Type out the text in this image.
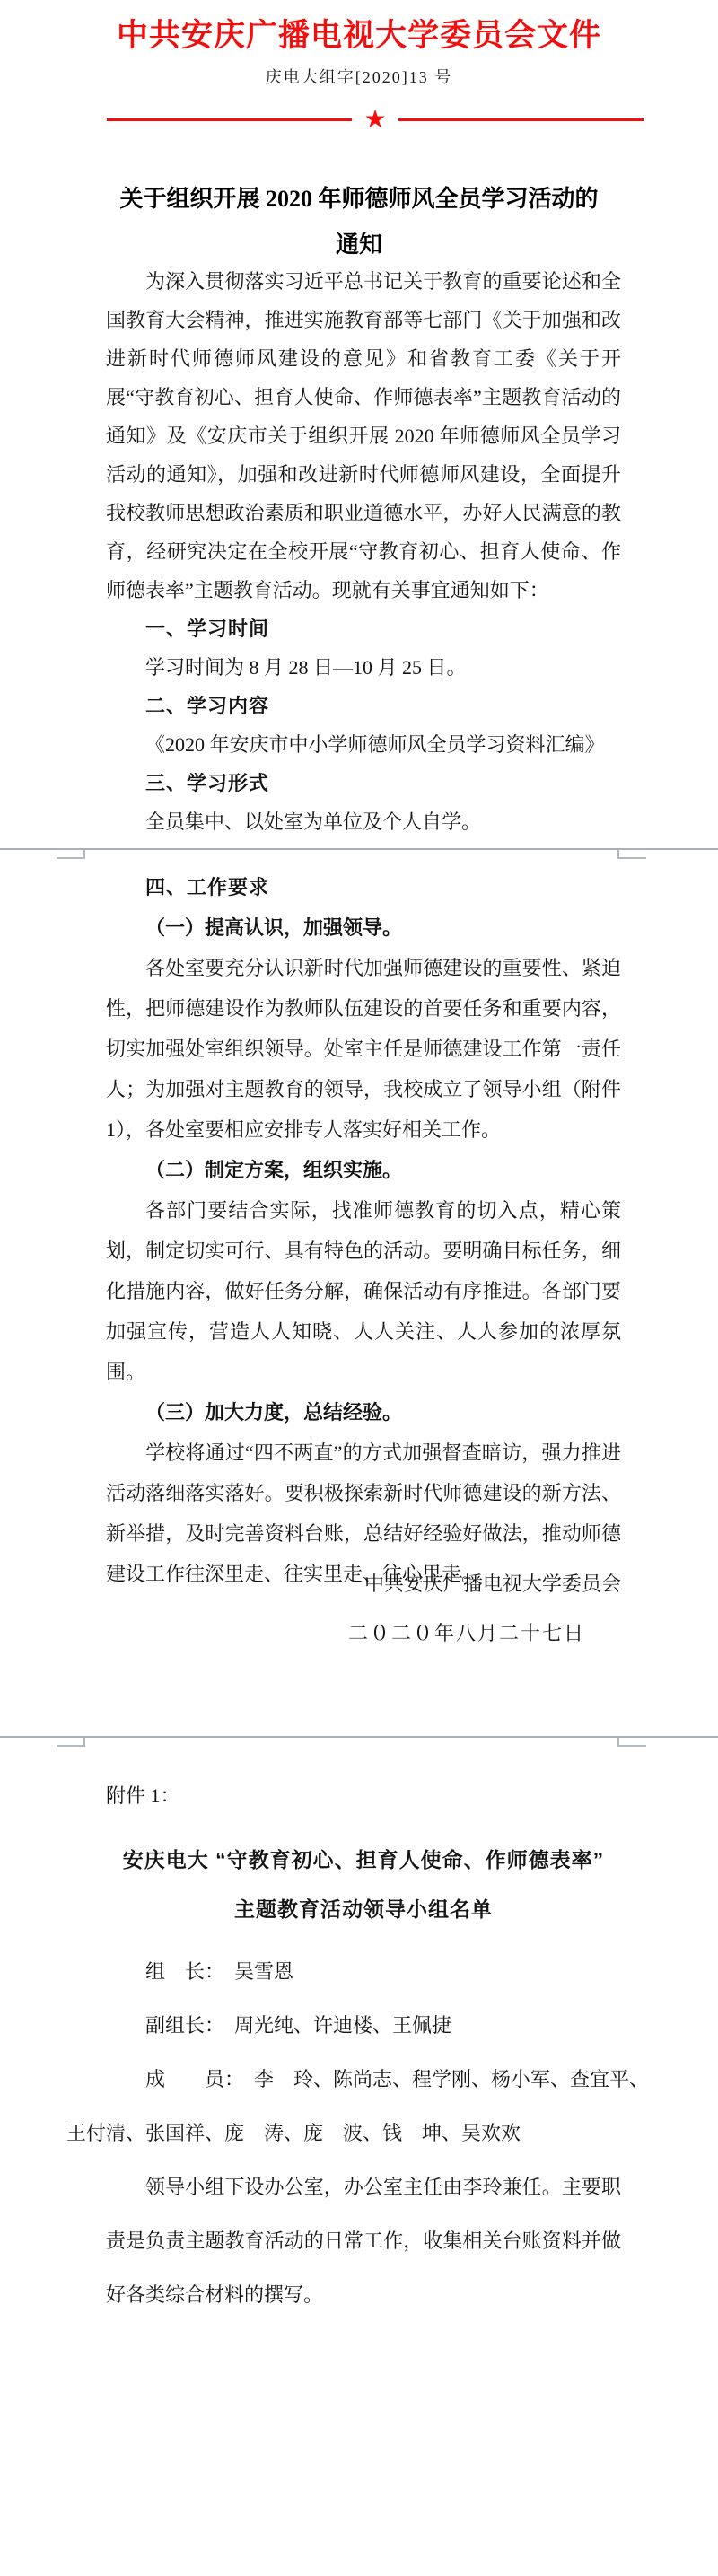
中共安庆广播电视大学委员会文件
庆电大组字[2020]13 号
★
关于组织开展 2020 年师德师风全员学习活动的
通知

为深入贯彻落实习近平总书记关于教育的重要论述和全国教育大会精神，推进实施教育部等七部门《关于加强和改进新时代师德师风建设的意见》和省教育工委《关于开展“守教育初心、担育人使命、作师德表率”主题教育活动的通知》及《安庆市关于组织开展 2020 年师德师风全员学习活动的通知》，加强和改进新时代师德师风建设，全面提升我校教师思想政治素质和职业道德水平，办好人民满意的教育，经研究决定在全校开展“守教育初心、担育人使命、作师德表率”主题教育活动。现就有关事宜通知如下：

一、学习时间

学习时间为 8 月 28 日—10 月 25 日。

二、学习内容

《2020 年安庆市中小学师德师风全员学习资料汇编》

三、学习形式

全员集中、以处室为单位及个人自学。

四、工作要求

（一）提高认识，加强领导。

各处室要充分认识新时代加强师德建设的重要性、紧迫性，把师德建设作为教师队伍建设的首要任务和重要内容，切实加强处室组织领导。处室主任是师德建设工作第一责任人；为加强对主题教育的领导，我校成立了领导小组（附件1），各处室要相应安排专人落实好相关工作。

（二）制定方案，组织实施。

各部门要结合实际，找准师德教育的切入点，精心策划，制定切实可行、具有特色的活动。要明确目标任务，细化措施内容，做好任务分解，确保活动有序推进。各部门要加强宣传，营造人人知晓、人人关注、人人参加的浓厚氛围。

（三）加大力度，总结经验。

学校将通过“四不两直”的方式加强督查暗访，强力推进活动落细落实落好。要积极探索新时代师德建设的新方法、新举措，及时完善资料台账，总结好经验好做法，推动师德建设工作往深里走、往实里走、往心里走。

中共安庆广播电视大学委员会
二０二０年八月二十七日

附件 1：

安庆电大 “守教育初心、担育人使命、作师德表率”

主题教育活动领导小组名单

组　长：　吴雪恩

副组长：　周光纯、许迪楼、王佩捷

成　　员：　李　玲、陈尚志、程学刚、杨小军、查宜平、

王付清、张国祥、庞　涛、庞　波、钱　坤、吴欢欢

领导小组下设办公室，办公室主任由李玲兼任。主要职责是负责主题教育活动的日常工作，收集相关台账资料并做好各类综合材料的撰写。
